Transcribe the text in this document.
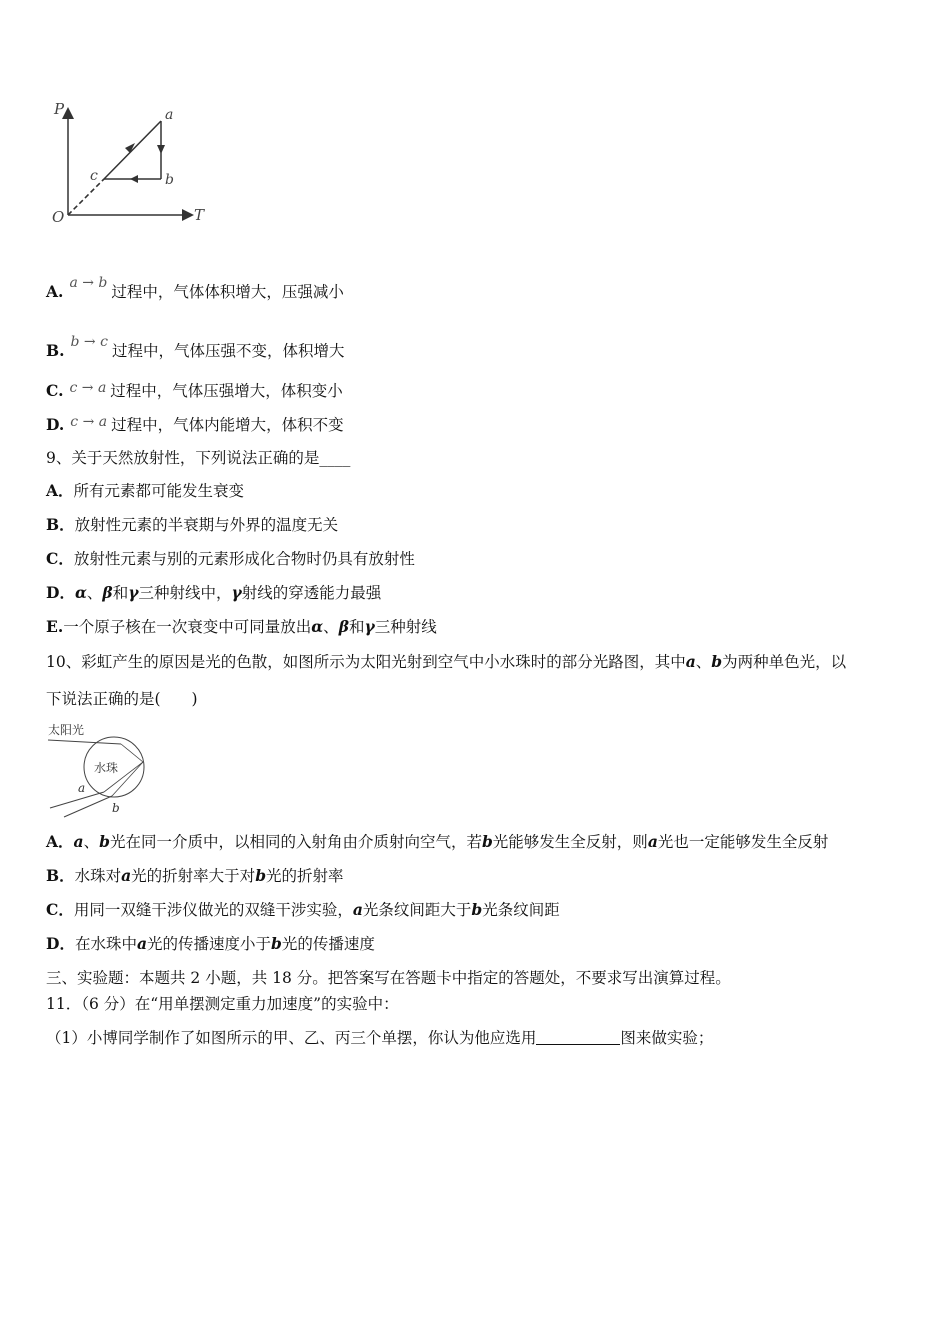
P
T
O
a
b
c
A. a → b 过程中，气体体积增大，压强减小
B. b → c 过程中，气体压强不变，体积增大
C. c → a 过程中，气体压强增大，体积变小
D. c → a 过程中，气体内能增大，体积不变
9、关于天然放射性，下列说法正确的是____
A．所有元素都可能发生衰变
B．放射性元素的半衰期与外界的温度无关
C．放射性元素与别的元素形成化合物时仍具有放射性
D．α、β和γ三种射线中，γ射线的穿透能力最强
E.一个原子核在一次衰变中可同量放出α、β和γ三种射线
10、彩虹产生的原因是光的色散，如图所示为太阳光射到空气中小水珠时的部分光路图，其中a、b为两种单色光，以
下说法正确的是(　　)
太阳光
水珠
a
b
A．a、b光在同一介质中，以相同的入射角由介质射向空气，若b光能够发生全反射，则a光也一定能够发生全反射
B．水珠对a光的折射率大于对b光的折射率
C．用同一双缝干涉仪做光的双缝干涉实验，a光条纹间距大于b光条纹间距
D．在水珠中a光的传播速度小于b光的传播速度
三、实验题：本题共 2 小题，共 18 分。把答案写在答题卡中指定的答题处，不要求写出演算过程。
11．（6 分）在“用单摆测定重力加速度”的实验中：
（1）小博同学制作了如图所示的甲、乙、丙三个单摆，你认为他应选用	图来做实验；
